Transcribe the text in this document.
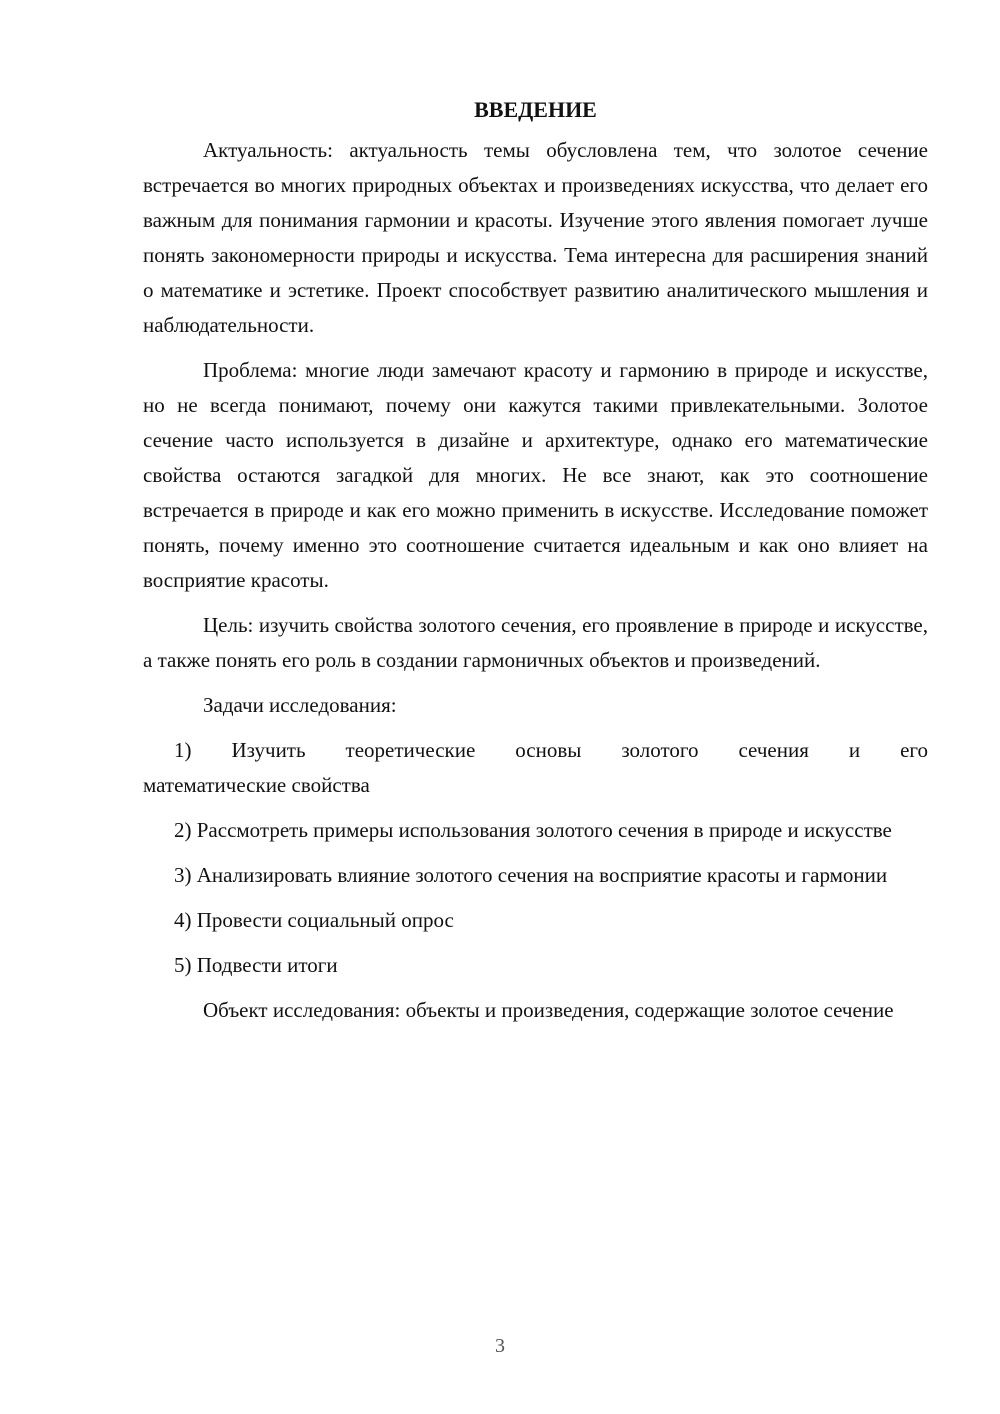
ВВЕДЕНИЕ

Актуальность: актуальность темы обусловлена тем, что золотое сечение встречается во многих природных объектах и произведениях искусства, что делает его важным для понимания гармонии и красоты. Изучение этого явления помогает лучше понять закономерности природы и искусства. Тема интересна для расширения знаний о математике и эстетике. Проект способствует развитию аналитического мышления и наблюдательности.

Проблема: многие люди замечают красоту и гармонию в природе и искусстве, но не всегда понимают, почему они кажутся такими привлекательными. Золотое сечение часто используется в дизайне и архитектуре, однако его математические свойства остаются загадкой для многих. Не все знают, как это соотношение встречается в природе и как его можно применить в искусстве. Исследование поможет понять, почему именно это соотношение считается идеальным и как оно влияет на восприятие красоты.

Цель: изучить свойства золотого сечения, его проявление в природе и искусстве, а также понять его роль в создании гармоничных объектов и произведений.

Задачи исследования:

1) Изучить теоретические основы золотого сечения и его
математические свойства

2) Рассмотреть примеры использования золотого сечения в природе и искусстве

3) Анализировать влияние золотого сечения на восприятие красоты и гармонии

4) Провести социальный опрос

5) Подвести итоги

Объект исследования: объекты и произведения, содержащие золотое сечение

3
